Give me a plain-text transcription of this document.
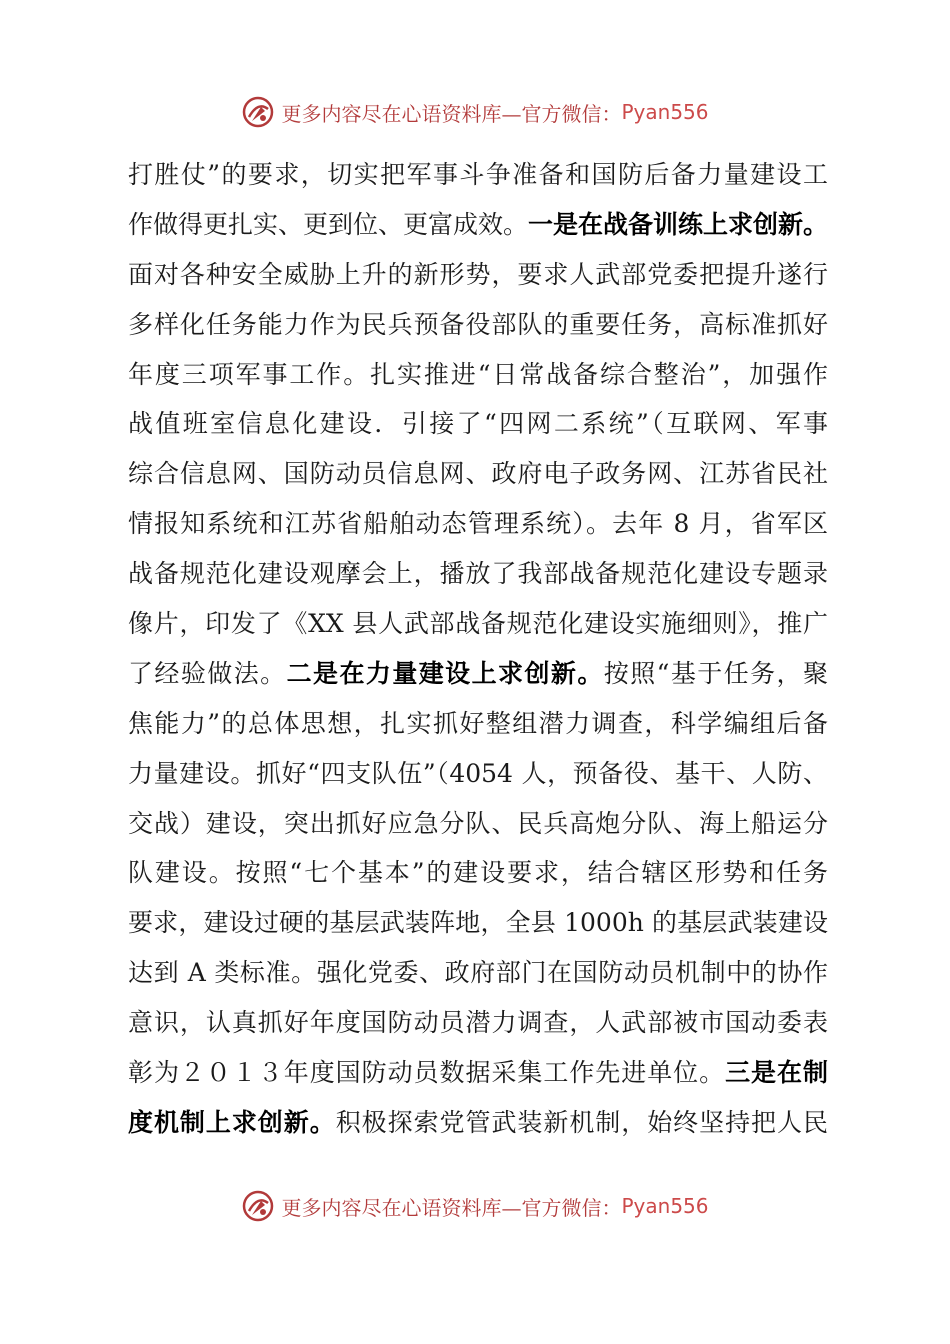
更多内容尽在心语资料库— 官方微信： Pyan556
打胜仗”的要求，切实把军事斗争准备和国防后备力量建设工
作做得更扎实、更到位、更富成效。一是在战备训练上求创新。
面对各种安全威胁上升的新形势，要求人武部党委把提升遂行
多样化任务能力作为民兵预备役部队的重要任务，高标准抓好
年度三项军事工作。扎实推进“日常战备综合整治”，加强作
战值班室信息化建设．引接了“四网二系统”（互联网、军事
综合信息网、国防动员信息网、政府电子政务网、江苏省民社
情报知系统和江苏省船舶动态管理系统）。去年 8 月，省军区
战备规范化建设观摩会上，播放了我部战备规范化建设专题录
像片，印发了《XX 县人武部战备规范化建设实施细则》，推广
了经验做法。二是在力量建设上求创新。按照“基于任务，聚
焦能力”的总体思想，扎实抓好整组潜力调查，科学编组后备
力量建设。抓好“四支队伍”（4054 人，预备役、基干、人防、
交战）建设，突出抓好应急分队、民兵高炮分队、海上船运分
队建设。按照“七个基本”的建设要求，结合辖区形势和任务
要求，建设过硬的基层武装阵地，全县 1000h 的基层武装建设
达到 A 类标准。强化党委、政府部门在国防动员机制中的协作
意识，认真抓好年度国防动员潜力调查，人武部被市国动委表
彰为２０１３年度国防动员数据采集工作先进单位。三是在制
度机制上求创新。积极探索党管武装新机制，始终坚持把人民
更多内容尽在心语资料库— 官方微信： Pyan556
